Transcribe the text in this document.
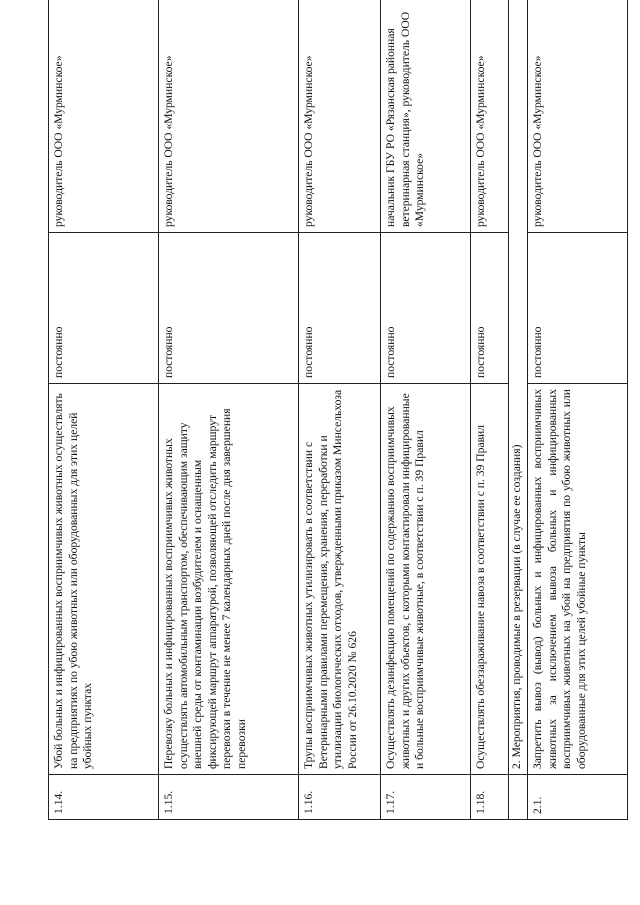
1.14.	Убой больных и инфицированных восприимчивых животных осуществлять на предприятиях по убою животных или оборудованных для этих целей убойных пунктах	постоянно	руководитель ООО «Мурминское»
1.15.	Перевозку больных и инфицированных восприимчивых животных осуществлять автомобильным транспортом, обеспечивающим защиту внешней среды от контаминации возбудителем и оснащенным фиксирующей маршрут аппаратурой, позволяющей отследить маршрут перевозки в течение не менее 7 календарных дней после дня завершения перевозки	постоянно	руководитель ООО «Мурминское»
1.16.	Трупы восприимчивых животных утилизировать в соответствии с Ветеринарными правилами перемещения, хранения, переработки и утилизации биологических отходов, утвержденными приказом Минсельхоза России от 26.10.2020 № 626	постоянно	руководитель ООО «Мурминское»
1.17.	Осуществлять дезинфекцию помещений по содержанию восприимчивых животных и других объектов, с которыми контактировали инфицированные и больные восприимчивые животные, в соответствии с п. 39 Правил	постоянно	начальник ГБУ РО «Рязанская районная ветеринарная станция», руководитель ООО «Мурминское»
1.18.	Осуществлять обеззараживание навоза в соответствии с п. 39 Правил	постоянно	руководитель ООО «Мурминское»
	2. Мероприятия, проводимые в резервации (в случае ее создания)		
2.1.	Запретить вывоз (вывод) больных и инфицированных восприимчивых животных за исключением вывоза больных и инфицированных восприимчивых животных на убой на предприятия по убою животных или оборудованные для этих целей убойные пункты	постоянно	руководитель ООО «Мурминское»
